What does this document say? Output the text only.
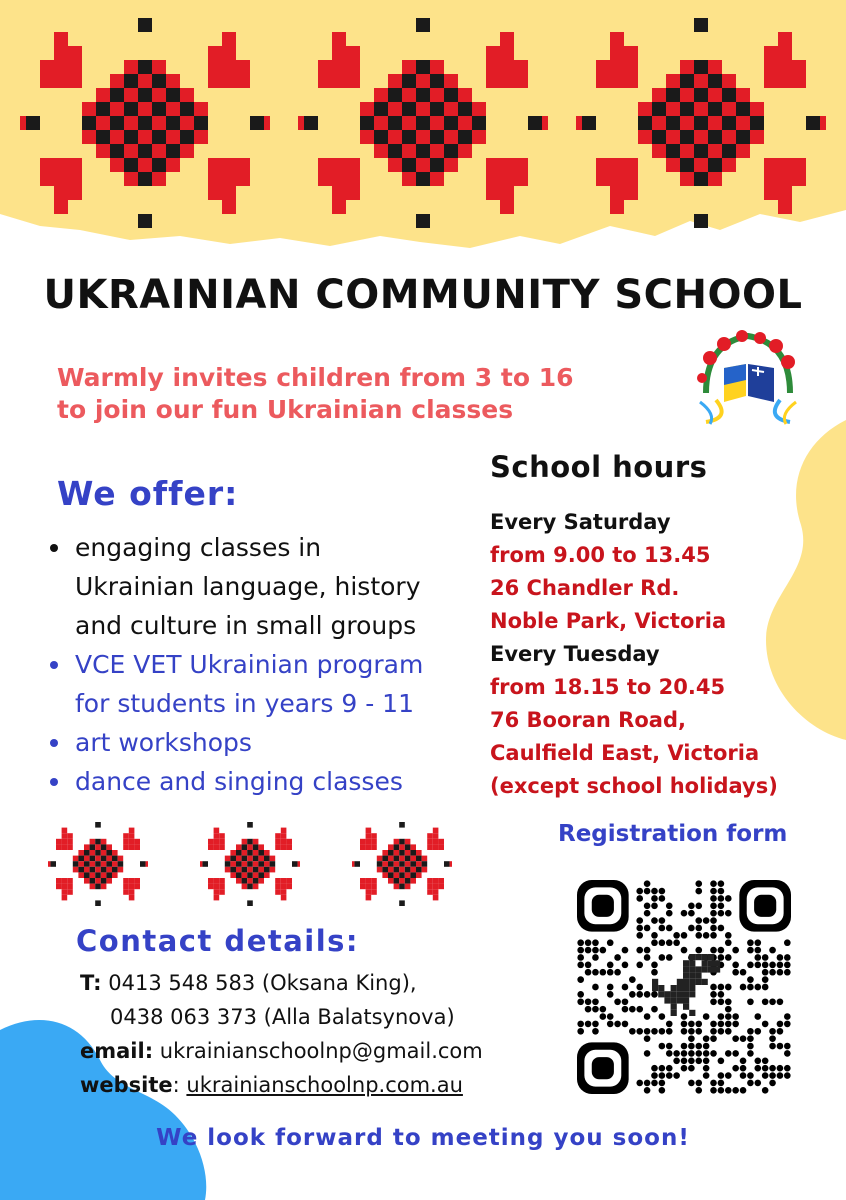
UKRAINIAN COMMUNITY SCHOOL
Warmly invites children from 3 to 16
to join our fun Ukrainian classes
We offer:
engaging classes in
Ukrainian language, history
and culture in small groups
VCE VET Ukrainian program
for students in years 9 - 11
art workshops
dance and singing classes
School hours
Every Saturday
from 9.00 to 13.45
26 Chandler Rd.
Noble Park, Victoria
Every Tuesday
from 18.15 to 20.45
76 Booran Road,
Caulfield East, Victoria
(except school holidays)
Registration form
Contact details:
T: 0413 548 583 (Oksana King),
0438 063 373 (Alla Balatsynova)
email: ukrainianschoolnp@gmail.com
website: ukrainianschoolnp.com.au
We look forward to meeting you soon!
